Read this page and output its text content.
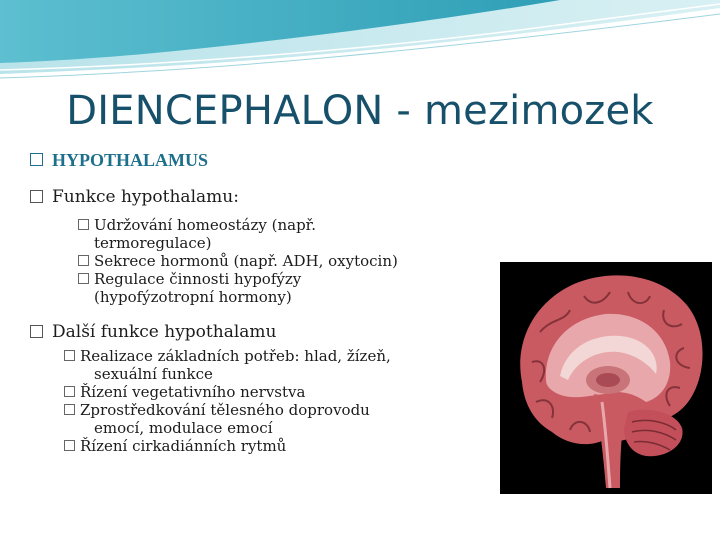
DIENCEPHALON - mezimozek
HYPOTHALAMUS
Funkce hypothalamu:
Udržování homeostázy (např.
termoregulace)
Sekrece hormonů (např. ADH, oxytocin)
Regulace činnosti hypofýzy
(hypofýzotropní hormony)
Další funkce hypothalamu
Realizace základních potřeb: hlad, žízeň,
sexuální funkce
Řízení vegetativního nervstva
Zprostředkování tělesného doprovodu
emocí, modulace emocí
Řízení cirkadiánních rytmů
